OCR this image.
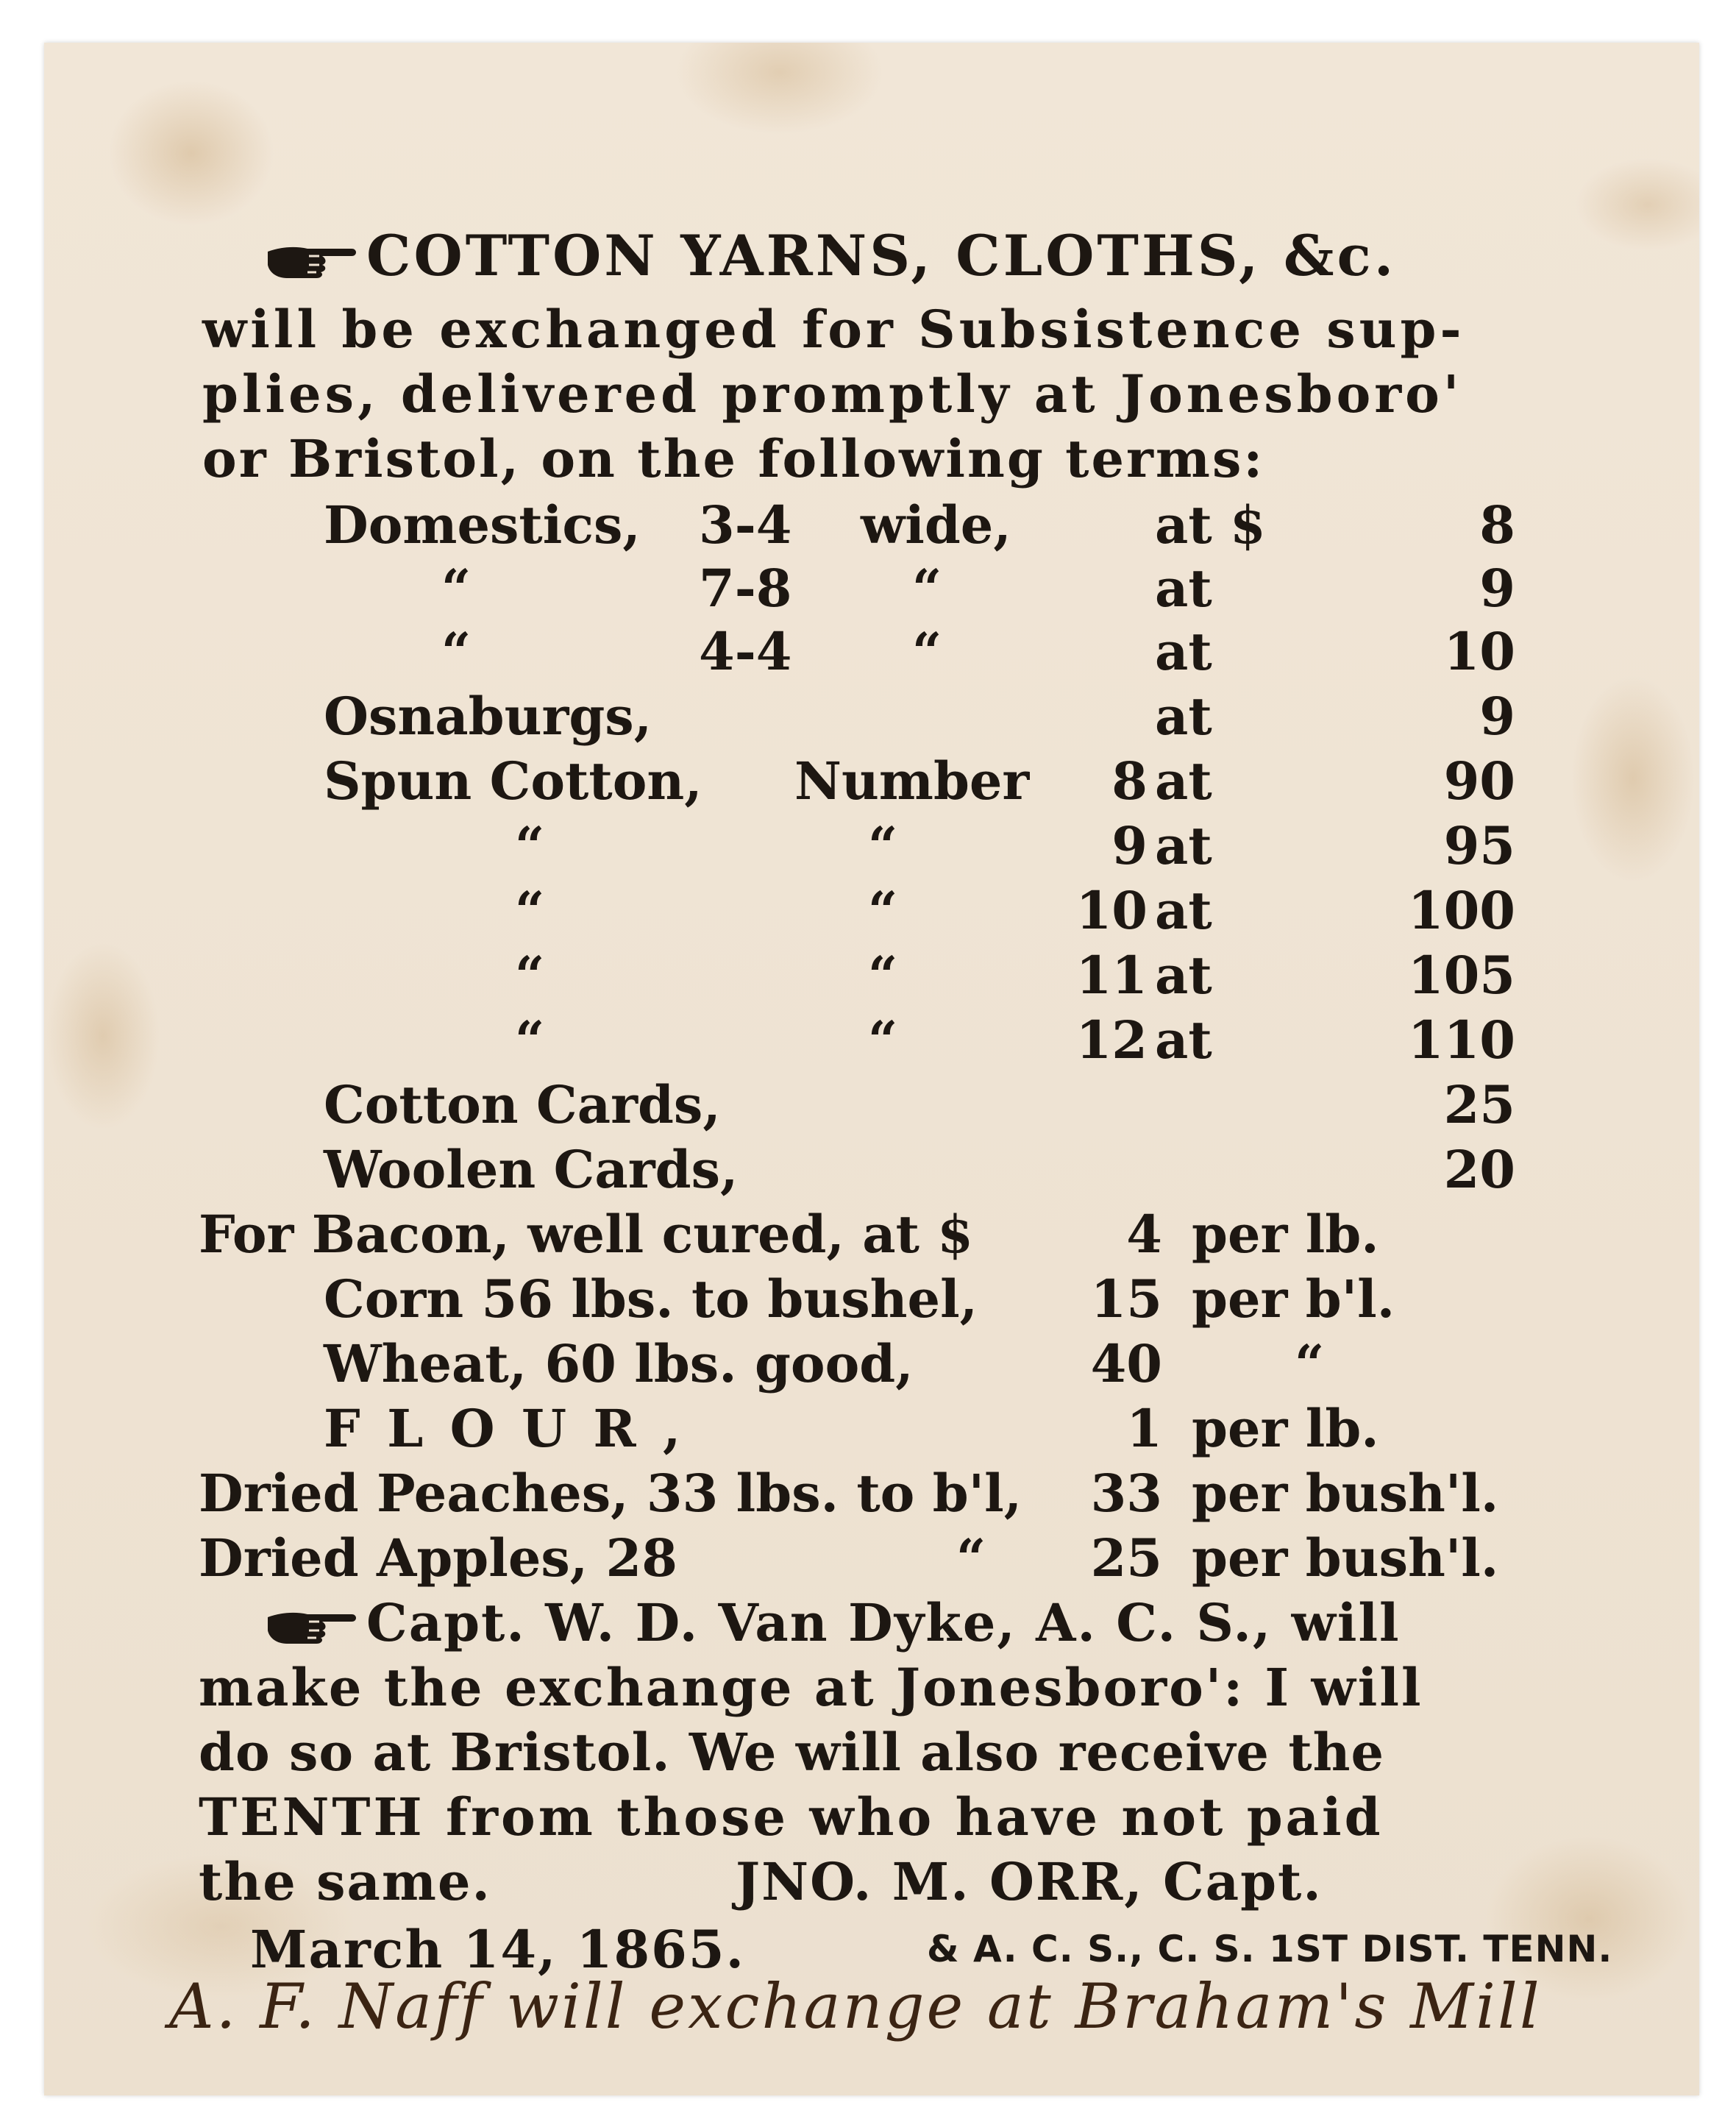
COTTON YARNS, CLOTHS, &c.
will be exchanged for Subsistence sup-
plies, delivered promptly at Jonesboro'
or Bristol, on the following terms:
Domestics, 3-4 wide,	at $	8
“	7-8 “	at	9
“	4-4 “	at	10
Osnaburgs,	at	9
Spun Cotton, Number	8 at	90
“	“	9 at	95
“	“	10 at	100
“	“	11 at	105
“	“	12 at	110
Cotton Cards,	25
Woolen Cards,	20
For Bacon, well cured, at $	4 per lb.
Corn 56 lbs. to bushel,	15 per b'l.
Wheat, 60 lbs. good,	40	“
F L O U R ,	1 per lb.
Dried Peaches, 33 lbs. to b'l,	33 per bush'l.
Dried Apples, 28	“	25 per bush'l.
Capt. W. D. Van Dyke, A. C. S., will
make the exchange at Jonesboro': I will
do so at Bristol. We will also receive the
TENTH from those who have not paid
the same.	JNO. M. ORR, Capt.
March 14, 1865.	& A. C. S., C. S. 1ST DIST. TENN.
A. F. Naff will exchange at Braham's Mill
